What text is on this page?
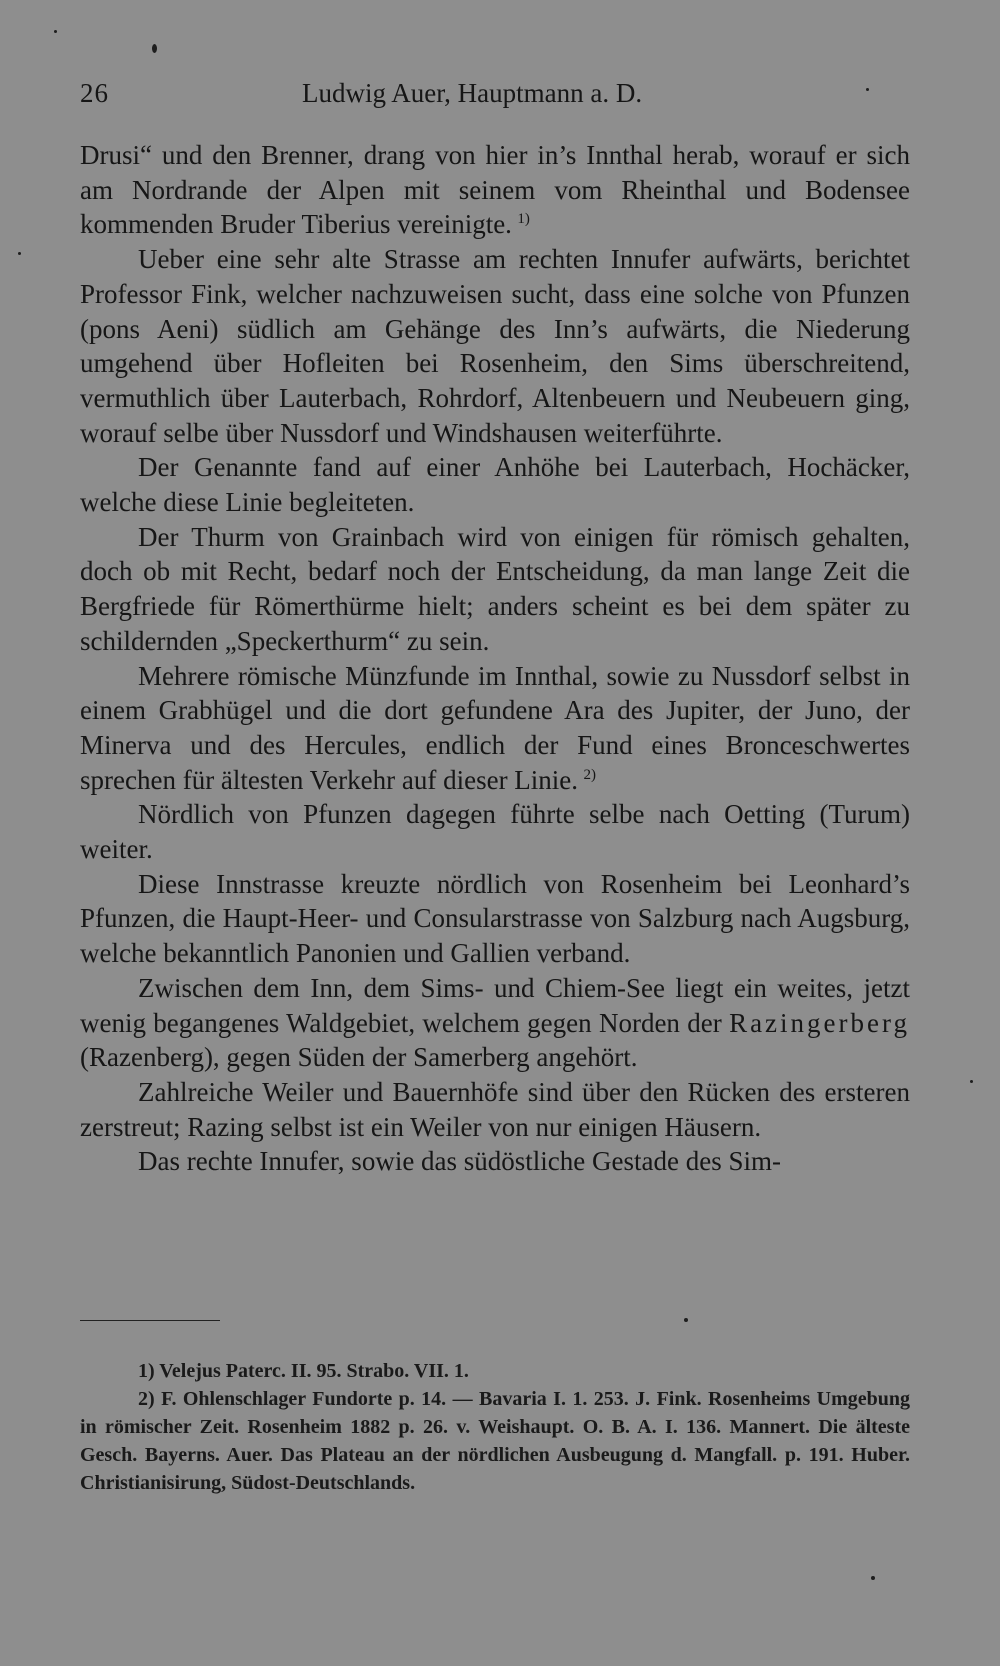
26	Ludwig Auer, Hauptmann a. D.

Drusi“ und den Brenner, drang von hier in’s Innthal herab, worauf er sich am Nordrande der Alpen mit seinem vom Rheinthal und Bodensee kommenden Bruder Tiberius vereinigte.  $^{1)}$

Ueber eine sehr alte Strasse am rechten Innufer aufwärts, berichtet Professor Fink, welcher nachzuweisen sucht, dass eine solche von Pfunzen (pons Aeni) südlich am Gehänge des Inn’s aufwärts, die Niederung umgehend über Hofleiten bei Rosenheim, den Sims überschreitend, vermuthlich über Lauterbach, Rohrdorf, Altenbeuern und Neubeuern ging, worauf selbe über Nussdorf und Windshausen weiterführte.

Der Genannte fand auf einer Anhöhe bei Lauterbach, Hochäcker, welche diese Linie begleiteten.

Der Thurm von Grainbach wird von einigen für römisch gehalten, doch ob mit Recht, bedarf noch der Entscheidung, da man lange Zeit die Bergfriede für Römerthürme hielt; anders scheint es bei dem später zu schildernden „Speckerthurm“ zu sein.

Mehrere römische Münzfunde im Innthal, sowie zu Nussdorf selbst in einem Grabhügel und die dort gefundene Ara des Jupiter, der Juno, der Minerva und des Hercules, endlich der Fund eines Bronceschwertes sprechen für ältesten Verkehr auf dieser Linie.  $^{2)}$

Nördlich von Pfunzen dagegen führte selbe nach Oetting (Turum) weiter.

Diese Innstrasse kreuzte nördlich von Rosenheim bei Leonhard’s Pfunzen, die Haupt-Heer- und Consularstrasse von Salzburg nach Augsburg, welche bekanntlich Panonien und Gallien verband.

Zwischen dem Inn, dem Sims- und Chiem-See liegt ein weites, jetzt wenig begangenes Waldgebiet, welchem gegen Norden der Razingerberg (Razenberg), gegen Süden der Samerberg angehört.

Zahlreiche Weiler und Bauernhöfe sind über den Rücken des ersteren zerstreut; Razing selbst ist ein Weiler von nur einigen Häusern.

Das rechte Innufer, sowie das südöstliche Gestade des Sim-

1) Velejus Paterc. II. 95. Strabo. VII. 1.

2) F. Ohlenschlager Fundorte p. 14. — Bavaria I. 1. 253. J. Fink. Rosenheims Umgebung in römischer Zeit. Rosenheim 1882 p. 26. v. Weishaupt. O. B. A. I. 136. Mannert. Die älteste Gesch. Bayerns. Auer. Das Plateau an der nördlichen Ausbeugung d. Mangfall. p. 191. Huber. Christianisirung, Südost-Deutschlands.
